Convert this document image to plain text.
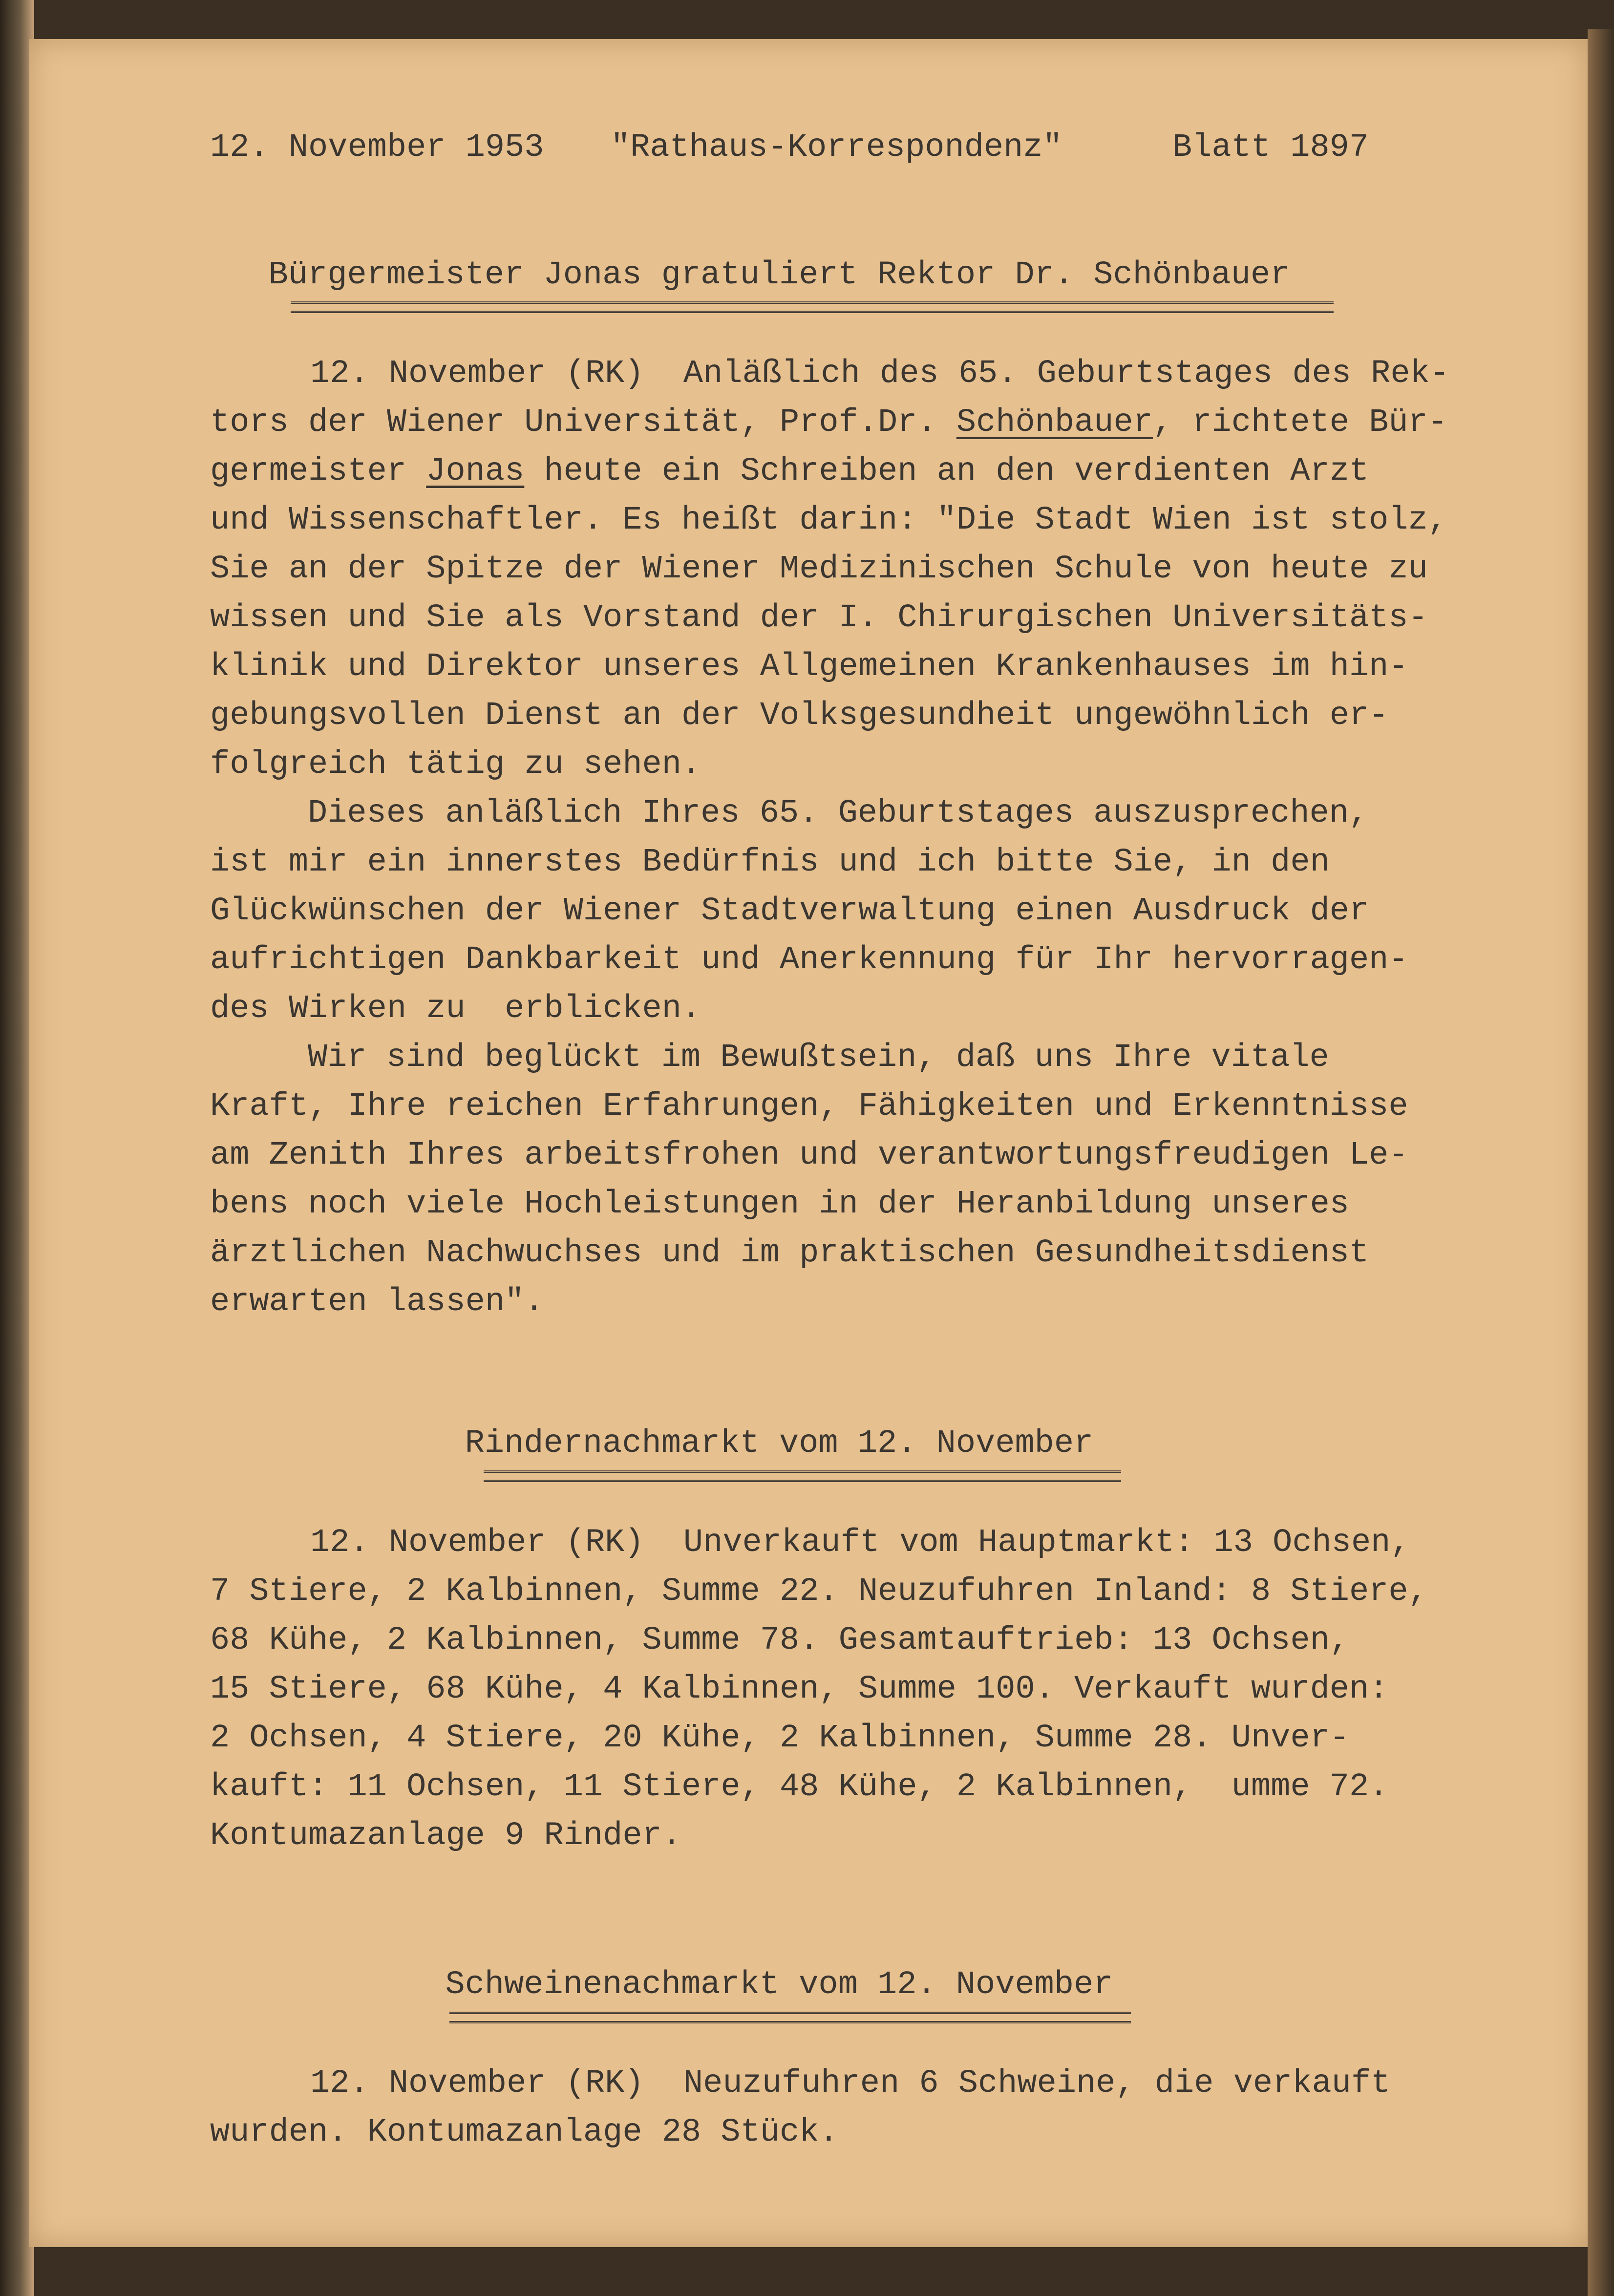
12. November 1953 "Rathaus-Korrespondenz"	Blatt 1897
Bürgermeister Jonas gratuliert Rektor Dr. Schönbauer
12. November (RK)  Anläßlich des 65. Geburtstages des Rek-
tors der Wiener Universität, Prof.Dr. Schönbauer, richtete Bür-
germeister Jonas heute ein Schreiben an den verdienten Arzt
und Wissenschaftler. Es heißt darin: "Die Stadt Wien ist stolz,
Sie an der Spitze der Wiener Medizinischen Schule von heute zu
wissen und Sie als Vorstand der I. Chirurgischen Universitäts-
klinik und Direktor unseres Allgemeinen Krankenhauses im hin-
gebungsvollen Dienst an der Volksgesundheit ungewöhnlich er-
folgreich tätig zu sehen.
Dieses anläßlich Ihres 65. Geburtstages auszusprechen,
ist mir ein innerstes Bedürfnis und ich bitte Sie, in den
Glückwünschen der Wiener Stadtverwaltung einen Ausdruck der
aufrichtigen Dankbarkeit und Anerkennung für Ihr hervorragen-
des Wirken zu  erblicken.
Wir sind beglückt im Bewußtsein, daß uns Ihre vitale
Kraft, Ihre reichen Erfahrungen, Fähigkeiten und Erkenntnisse
am Zenith Ihres arbeitsfrohen und verantwortungsfreudigen Le-
bens noch viele Hochleistungen in der Heranbildung unseres
ärztlichen Nachwuchses und im praktischen Gesundheitsdienst
erwarten lassen".
Rindernachmarkt vom 12. November
12. November (RK)  Unverkauft vom Hauptmarkt: 13 Ochsen,
7 Stiere, 2 Kalbinnen, Summe 22. Neuzufuhren Inland: 8 Stiere,
68 Kühe, 2 Kalbinnen, Summe 78. Gesamtauftrieb: 13 Ochsen,
15 Stiere, 68 Kühe, 4 Kalbinnen, Summe 100. Verkauft wurden:
2 Ochsen, 4 Stiere, 20 Kühe, 2 Kalbinnen, Summe 28. Unver-
kauft: 11 Ochsen, 11 Stiere, 48 Kühe, 2 Kalbinnen,  umme 72.
Kontumazanlage 9 Rinder.
Schweinenachmarkt vom 12. November
12. November (RK)  Neuzufuhren 6 Schweine, die verkauft
wurden. Kontumazanlage 28 Stück.
